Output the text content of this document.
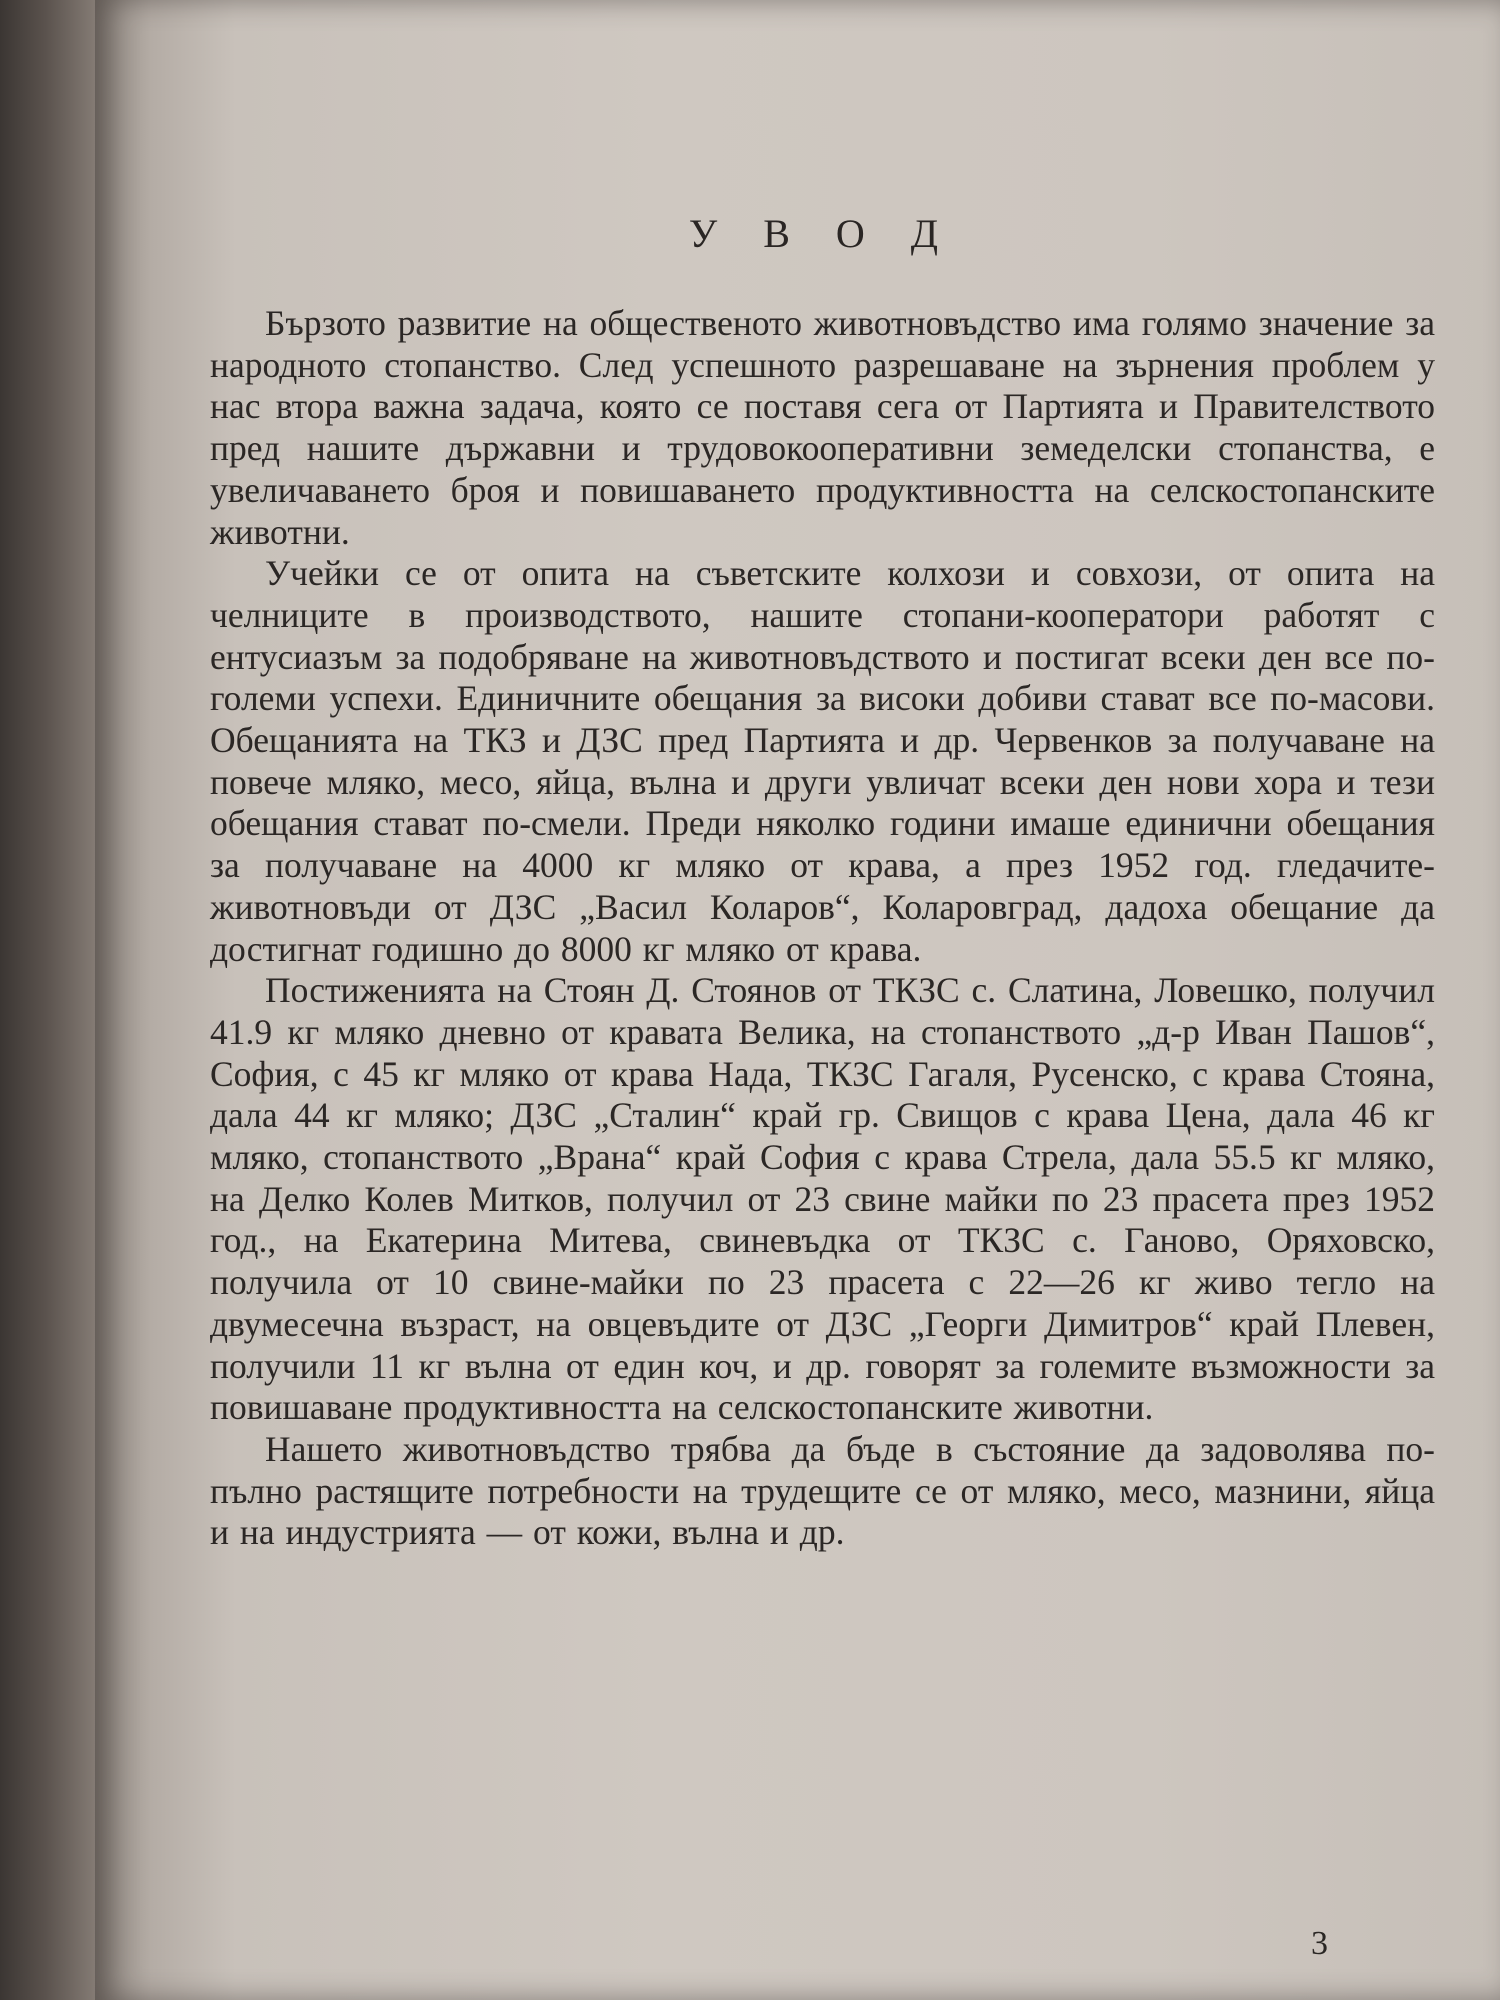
У В О Д

Бързото развитие на общественото животновъдство има голямо значение за народното стопанство. След успешното разрешаване на зърнения проблем у нас втора важна задача, която се поставя сега от Партията и Правителството пред нашите държавни и трудовокооперативни земеделски стопанства, е увеличаването броя и повишаването продуктивността на селскостопанските животни.

Учейки се от опита на съветските колхози и совхози, от опита на челниците в производството, нашите стопани-кооператори работят с ентусиазъм за подобряване на животновъдството и постигат всеки ден все по-големи успехи. Единичните обещания за високи добиви стават все по-масови. Обещанията на ТКЗ и ДЗС пред Партията и др. Червенков за получаване на повече мляко, месо, яйца, вълна и други увличат всеки ден нови хора и тези обещания стават по-смели. Преди няколко години имаше единични обещания за получаване на 4000 кг мляко от крава, а през 1952 год. гледачите-животновъди от ДЗС „Васил Коларов“, Коларовград, дадоха обещание да достигнат годишно до 8000 кг мляко от крава.

Постиженията на Стоян Д. Стоянов от ТКЗС с. Слатина, Ловешко, получил 41.9 кг мляко дневно от кравата Велика, на стопанството „д-р Иван Пашов“, София, с 45 кг мляко от крава Нада, ТКЗС Гагаля, Русенско, с крава Стояна, дала 44 кг мляко; ДЗС „Сталин“ край гр. Свищов с крава Цена, дала 46 кг мляко, стопанството „Врана“ край София с крава Стрела, дала 55.5 кг мляко, на Делко Колев Митков, получил от 23 свине майки по 23 прасета през 1952 год., на Екатерина Митева, свиневъдка от ТКЗС с. Ганово, Оряховско, получила от 10 свине-майки по 23 прасета с 22—26 кг живо тегло на двумесечна възраст, на овцевъдите от ДЗС „Георги Димитров“ край Плевен, получили 11 кг вълна от един коч, и др. говорят за големите възможности за повишаване продуктивността на селскостопанските животни.

Нашето животновъдство трябва да бъде в състояние да задоволява по-пълно растящите потребности на трудещите се от мляко, месо, мазнини, яйца и на индустрията — от кожи, вълна и др.

3
